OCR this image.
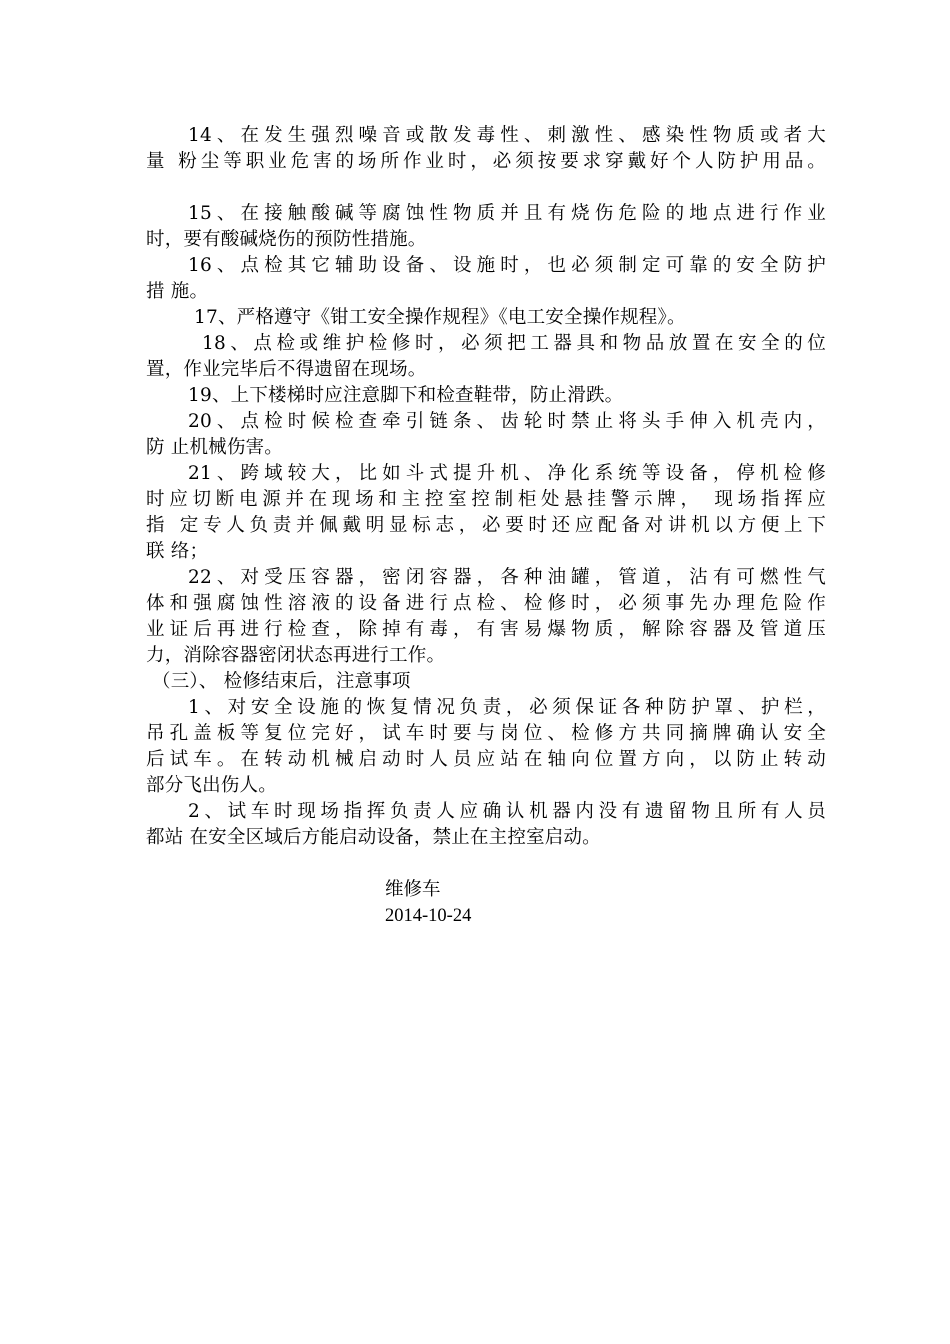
14、在发生强烈噪音或散发毒性、刺激性、感染性物质或者大
量 粉尘等职业危害的场所作业时，必须按要求穿戴好个人防护用品。
15、在接触酸碱等腐蚀性物质并且有烧伤危险的地点进行作业
时，要有酸碱烧伤的预防性措施。
16、点检其它辅助设备、设施时，也必须制定可靠的安全防护
措 施。
17、严格遵守《钳工安全操作规程》《电工安全操作规程》。
18、点检或维护检修时，必须把工器具和物品放置在安全的位
置，作业完毕后不得遗留在现场。
19、上下楼梯时应注意脚下和检查鞋带，防止滑跌。
20、点检时候检查牵引链条、齿轮时禁止将头手伸入机壳内，
防 止机械伤害。
21、跨域较大，比如斗式提升机、净化系统等设备，停机检修
时应切断电源并在现场和主控室控制柜处悬挂警示牌， 现场指挥应
指 定专人负责并佩戴明显标志，必要时还应配备对讲机以方便上下
联 络；
22、对受压容器，密闭容器，各种油罐，管道，沾有可燃性气
体和强腐蚀性溶液的设备进行点检、检修时，必须事先办理危险作
业证后再进行检查，除掉有毒，有害易爆物质，解除容器及管道压
力，消除容器密闭状态再进行工作。
（三）、 检修结束后，注意事项
1、对安全设施的恢复情况负责，必须保证各种防护罩、护栏，
吊孔盖板等复位完好，试车时要与岗位、检修方共同摘牌确认安全
后试车。在转动机械启动时人员应站在轴向位置方向，以防止转动
部分飞出伤人。
2、试车时现场指挥负责人应确认机器内没有遗留物且所有人员
都站 在安全区域后方能启动设备，禁止在主控室启动。
维修车
2014-10-24
